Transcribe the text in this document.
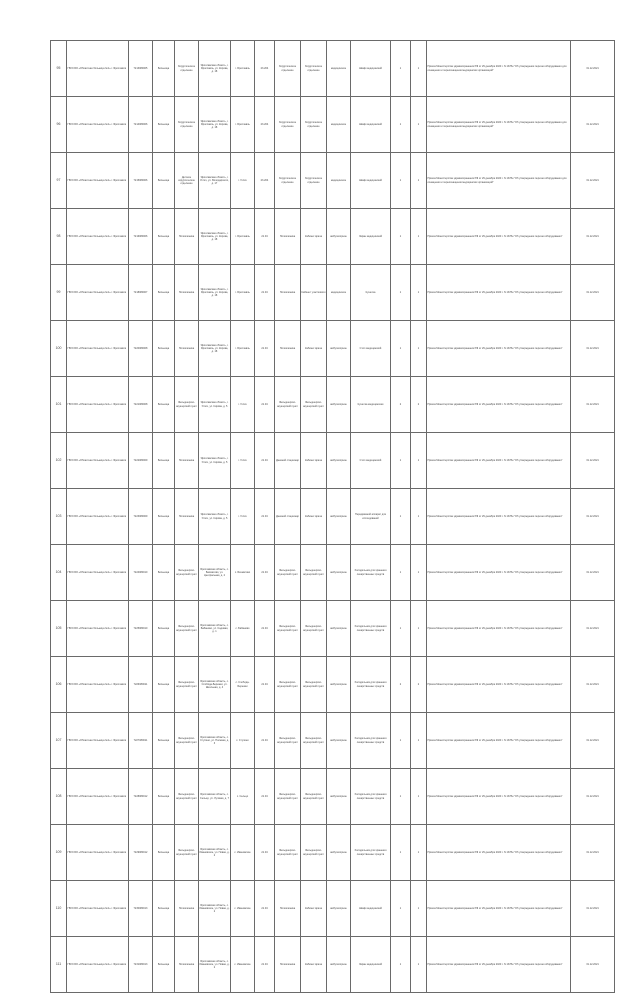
95	ГБУЗ ЯО «Областная больница №1» г. Ярославля	7213080005	Больница	Хирургическое отделение	Ярославская область, г. Ярославль, ул. Кирова, д. 18	г. Ярославль	23.204	Хирургическое отделение	Хирургическое отделение	медицинское	Шкаф медицинский	1	1	Приказ Министерства здравоохранения РФ от 29 декабря 2020 г. N 1378н "Об утверждении перечня оборудования для оснащения и переоснащения медицинских организаций"	31.12.2021
96	ГБУЗ ЯО «Областная больница №1» г. Ярославля	7214080006	Больница	Хирургическое отделение	Ярославская область, г. Ярославль, ул. Кирова, д. 18	г. Ярославль	23.204	Хирургическое отделение	Хирургическое отделение	медицинское	Шкаф медицинский	1	1	Приказ Министерства здравоохранения РФ от 29 декабря 2020 г. N 1378н "Об утверждении перечня оборудования для оснащения и переоснащения медицинских организаций"	31.12.2021
97	ГБУЗ ЯО «Областная больница №1» г. Ярославля	7215080006	Больница	Детское хирургическое отделение	Ярославская область, г. Углич, ул. Володарского, д. 17	г. Углич	23.204	Хирургическое отделение	Хирургическое отделение	медицинское	Шкаф медицинский	1	1	Приказ Министерства здравоохранения РФ от 29 декабря 2020 г. N 1378н "Об утверждении перечня оборудования для оснащения и переоснащения медицинских организаций"	31.12.2021
98	ГБУЗ ЯО «Областная больница №1» г. Ярославля	7216080006	Больница	Поликлиника	Ярославская область, г. Ярославль, ул. Кирова, д. 18	г. Ярославль	21.04	Поликлиника	Кабинет врача	амбулаторное	Экран медицинский	1	1	Приказ Министерства здравоохранения РФ от 29 декабря 2020 г. N 1378н "Об утверждении перечня оборудования"	31.12.2021
99	ГБУЗ ЯО «Областная больница №1» г. Ярославля	7218080007	Больница	Поликлиника	Ярославская область, г. Ярославль, ул. Кирова, д. 18	г. Ярославль	21.04	Поликлиника	Кабинет участкового	медицинское	Кушетка	1	1	Приказ Министерства здравоохранения РФ от 29 декабря 2020 г. N 1378н "Об утверждении перечня оборудования"	31.12.2021
100	ГБУЗ ЯО «Областная больница №1» г. Ярославля	7220080008	Больница	Поликлиника	Ярославская область, г. Ярославль, ул. Кирова, д. 18	г. Ярославль	21.04	Поликлиника	Кабинет врача	амбулаторное	Стол медицинский	1	1	Приказ Министерства здравоохранения РФ от 29 декабря 2020 г. N 1378н "Об утверждении перечня оборудования"	31.12.2021
101	ГБУЗ ЯО «Областная больница №1» г. Ярославля	7221080008	Больница	Фельдшерско-акушерский пункт	Ярославская область, г. Углич, ул. Кирова, д. 5	г. Углич	21.04	Фельдшерско-акушерский пункт	Фельдшерско-акушерский пункт	амбулаторное	Кушетка медицинская	2	2	Приказ Министерства здравоохранения РФ от 29 декабря 2020 г. N 1378н "Об утверждении перечня оборудования"	31.12.2021
102	ГБУЗ ЯО «Областная больница №1» г. Ярославля	7222080009	Больница	Поликлиника	Ярославская область, г. Углич, ул. Кирова, д. 5	г. Углич	21.04	Дневной стационар	Кабинет врача	амбулаторное	Стол медицинский	1	1	Приказ Министерства здравоохранения РФ от 29 декабря 2020 г. N 1378н "Об утверждении перечня оборудования"	31.12.2021
103	ГБУЗ ЯО «Областная больница №1» г. Ярославля	7223080009	Больница	Поликлиника	Ярославская область, г. Углич, ул. Кирова, д. 5	г. Углич	21.04	Дневной стационар	Кабинет врача	амбулаторное	Передвижной аппарат для исследований	1	1	Приказ Министерства здравоохранения РФ от 29 декабря 2020 г. N 1378н "Об утверждении перечня оборудования"	31.12.2021
104	ГБУЗ ЯО «Областная больница №1» г. Ярославля	7224080010	Больница	Фельдшерско-акушерский пункт	Ярославская область, с. Бахматово, ул. Центральная, д. 2	с. Бахматово	21.04	Фельдшерско-акушерский пункт	Фельдшерско-акушерский пункт	амбулаторное	Холодильник для хранения лекарственных средств	1	1	Приказ Министерства здравоохранения РФ от 29 декабря 2020 г. N 1378н "Об утверждении перечня оборудования"	31.12.2021
105	ГБУЗ ЯО «Областная больница №1» г. Ярославля	7225080010	Больница	Фельдшерско-акушерский пункт	Ярославская область, с. Бабаново, ул. Садовая, д. 1	с. Бабаново	21.04	Фельдшерско-акушерский пункт	Фельдшерско-акушерский пункт	амбулаторное	Холодильник для хранения лекарственных средств	1	1	Приказ Министерства здравоохранения РФ от 29 декабря 2020 г. N 1378н "Об утверждении перечня оборудования"	31.12.2021
106	ГБУЗ ЯО «Областная больница №1» г. Ярославля	7226080011	Больница	Фельдшерско-акушерский пункт	Ярославская область, с. Слобода-Бережки, ул. Школьная, д. 4	с. Слобода-Бережки	21.04	Фельдшерско-акушерский пункт	Фельдшерско-акушерский пункт	амбулаторное	Холодильник для хранения лекарственных средств	2	2	Приказ Министерства здравоохранения РФ от 29 декабря 2020 г. N 1378н "Об утверждении перечня оборудования"	31.12.2021
107	ГБУЗ ЯО «Областная больница №1» г. Ярославля	7227080011	Больница	Фельдшерско-акушерский пункт	Ярославская область, с. Ступино, ул. Полевая, д. 3	с. Ступино	21.04	Фельдшерско-акушерский пункт	Фельдшерско-акушерский пункт	амбулаторное	Холодильник для хранения лекарственных средств	1	1	Приказ Министерства здравоохранения РФ от 29 декабря 2020 г. N 1378н "Об утверждении перечня оборудования"	31.12.2021
108	ГБУЗ ЯО «Областная больница №1» г. Ярославля	7228080012	Больница	Фельдшерско-акушерский пункт	Ярославская область, с. Сельцо, ул. Луговая, д. 7	с. Сельцо	21.04	Фельдшерско-акушерский пункт	Фельдшерско-акушерский пункт	амбулаторное	Холодильник для хранения лекарственных средств	1	1	Приказ Министерства здравоохранения РФ от 29 декабря 2020 г. N 1378н "Об утверждении перечня оборудования"	31.12.2021
109	ГБУЗ ЯО «Областная больница №1» г. Ярославля	7229080012	Больница	Фельдшерско-акушерский пункт	Ярославская область, с. Ивановское, ул. Новая, д. 2	с. Ивановское	21.04	Фельдшерско-акушерский пункт	Фельдшерско-акушерский пункт	амбулаторное	Холодильник для хранения лекарственных средств	1	1	Приказ Министерства здравоохранения РФ от 29 декабря 2020 г. N 1378н "Об утверждении перечня оборудования"	31.12.2021
110	ГБУЗ ЯО «Областная больница №1» г. Ярославля	7230080013	Больница	Поликлиника	Ярославская область, с. Ивановское, ул. Новая, д. 2	с. Ивановское	21.04	Поликлиника	Кабинет врача	амбулаторное	Шкаф медицинский	1	1	Приказ Министерства здравоохранения РФ от 29 декабря 2020 г. N 1378н "Об утверждении перечня оборудования"	31.12.2021
111	ГБУЗ ЯО «Областная больница №1» г. Ярославля	7231080013	Больница	Поликлиника	Ярославская область, с. Ивановское, ул. Новая, д. 2	с. Ивановское	21.04	Поликлиника	Кабинет врача	амбулаторное	Экран медицинский	1	1	Приказ Министерства здравоохранения РФ от 29 декабря 2020 г. N 1378н "Об утверждении перечня оборудования"	31.12.2021
